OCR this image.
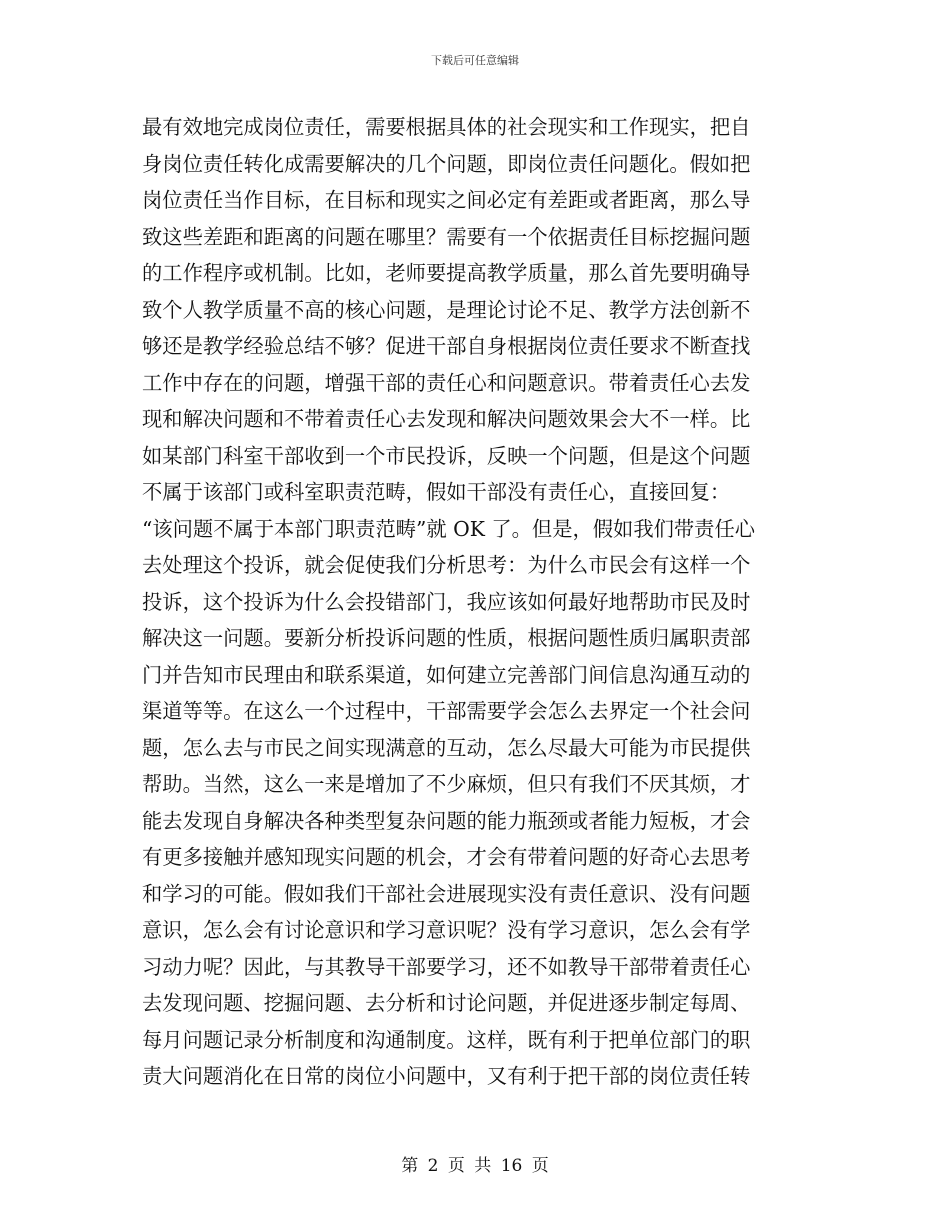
下载后可任意编辑
最有效地完成岗位责任，需要根据具体的社会现实和工作现实，把自
身岗位责任转化成需要解决的几个问题，即岗位责任问题化。假如把
岗位责任当作目标，在目标和现实之间必定有差距或者距离，那么导
致这些差距和距离的问题在哪里？需要有一个依据责任目标挖掘问题
的工作程序或机制。比如，老师要提高教学质量，那么首先要明确导
致个人教学质量不高的核心问题，是理论讨论不足、教学方法创新不
够还是教学经验总结不够？促进干部自身根据岗位责任要求不断查找
工作中存在的问题，增强干部的责任心和问题意识。带着责任心去发
现和解决问题和不带着责任心去发现和解决问题效果会大不一样。比
如某部门科室干部收到一个市民投诉，反映一个问题，但是这个问题
不属于该部门或科室职责范畴，假如干部没有责任心，直接回复：
“该问题不属于本部门职责范畴”就 OK 了。但是，假如我们带责任心
去处理这个投诉，就会促使我们分析思考：为什么市民会有这样一个
投诉，这个投诉为什么会投错部门，我应该如何最好地帮助市民及时
解决这一问题。要新分析投诉问题的性质，根据问题性质归属职责部
门并告知市民理由和联系渠道，如何建立完善部门间信息沟通互动的
渠道等等。在这么一个过程中，干部需要学会怎么去界定一个社会问
题，怎么去与市民之间实现满意的互动，怎么尽最大可能为市民提供
帮助。当然，这么一来是增加了不少麻烦，但只有我们不厌其烦，才
能去发现自身解决各种类型复杂问题的能力瓶颈或者能力短板，才会
有更多接触并感知现实问题的机会，才会有带着问题的好奇心去思考
和学习的可能。假如我们干部社会进展现实没有责任意识、没有问题
意识，怎么会有讨论意识和学习意识呢？没有学习意识，怎么会有学
习动力呢？因此，与其教导干部要学习，还不如教导干部带着责任心
去发现问题、挖掘问题、去分析和讨论问题，并促进逐步制定每周、
每月问题记录分析制度和沟通制度。这样，既有利于把单位部门的职
责大问题消化在日常的岗位小问题中，又有利于把干部的岗位责任转
第 2 页 共 16 页
